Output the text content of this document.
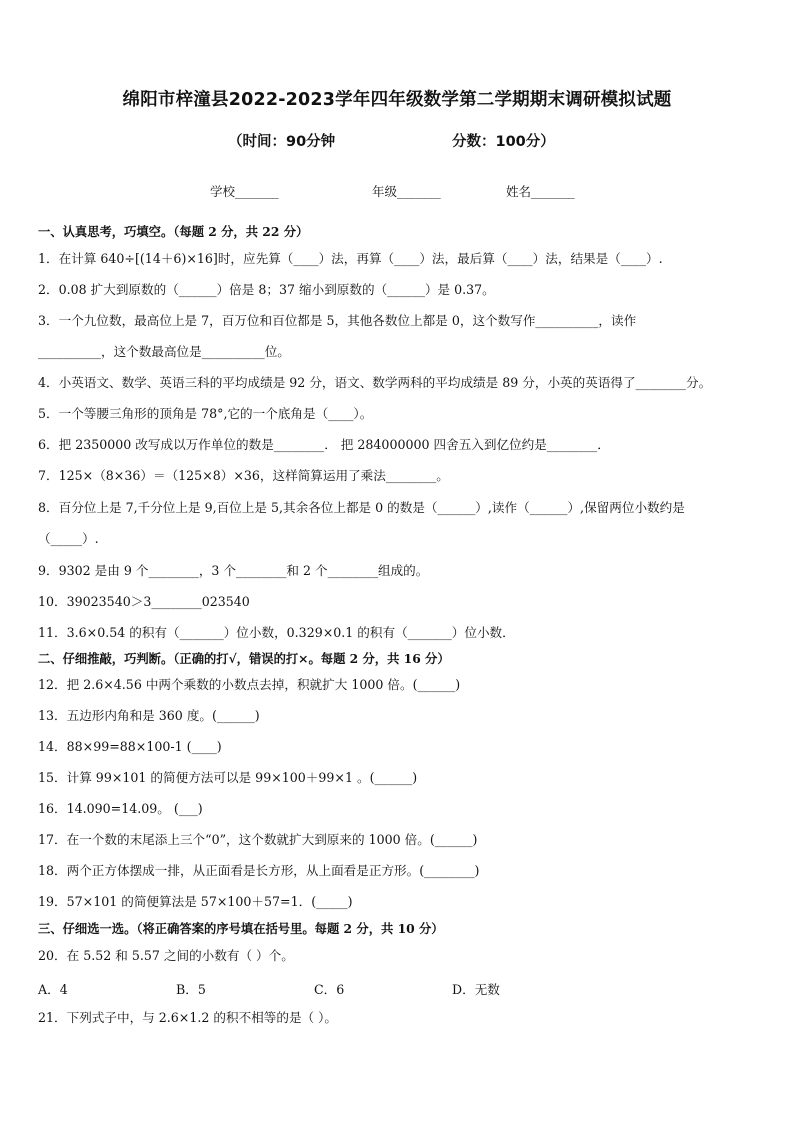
绵阳市梓潼县2022-2023学年四年级数学第二学期期末调研模拟试题
（时间：90分钟	分数：100分）
学校_______	年级_______	姓名_______
一、认真思考，巧填空。（每题 2 分，共 22 分）
1．在计算 640÷[(14＋6)×16]时，应先算（____）法，再算（____）法，最后算（____）法，结果是（____）.
2．0.08 扩大到原数的（______）倍是 8；37 缩小到原数的（______）是 0.37。
3．一个九位数，最高位上是 7，百万位和百位都是 5，其他各数位上都是 0，这个数写作__________，读作
__________，这个数最高位是__________位。
4．小英语文、数学、英语三科的平均成绩是 92 分，语文、数学两科的平均成绩是 89 分，小英的英语得了________分。
5．一个等腰三角形的顶角是 78°,它的一个底角是（____）。
6．把 2350000 改写成以万作单位的数是________． 把 284000000 四舍五入到亿位约是________．
7．125×（8×36）＝（125×8）×36，这样简算运用了乘法________。
8．百分位上是 7,千分位上是 9,百位上是 5,其余各位上都是 0 的数是（______）,读作（______）,保留两位小数约是
（_____）.
9．9302 是由 9 个________，3 个________和 2 个________组成的。
10．39023540＞3________023540
11．3.6×0.54 的积有（_______）位小数，0.329×0.1 的积有（_______）位小数．
二、仔细推敲，巧判断。（正确的打√，错误的打×。每题 2 分，共 16 分）
12．把 2.6×4.56 中两个乘数的小数点去掉，积就扩大 1000 倍。(______)
13．五边形内角和是 360 度。(______)
14．88×99=88×100-1 (____)
15．计算 99×101 的简便方法可以是 99×100＋99×1 。(______)
16．14.090=14.09。 (___)
17．在一个数的末尾添上三个“0”，这个数就扩大到原来的 1000 倍。(______)
18．两个正方体摆成一排，从正面看是长方形，从上面看是正方形。(________)
19．57×101 的简便算法是 57×100＋57=1．(_____)
三、仔细选一选。（将正确答案的序号填在括号里。每题 2 分，共 10 分）
20．在 5.52 和 5.57 之间的小数有（ ）个。
A．4	B．5	C．6	D．无数
21．下列式子中，与 2.6×1.2 的积不相等的是（ ）。
